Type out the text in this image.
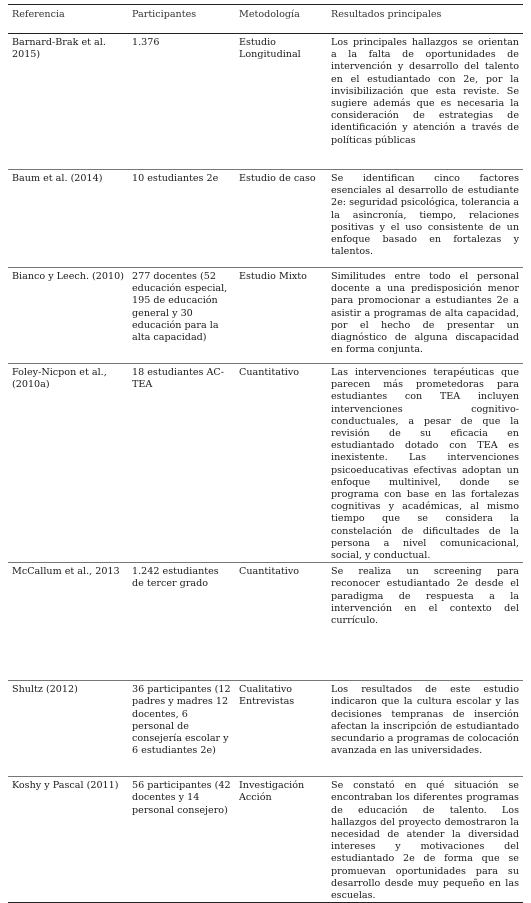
Referencia	Participantes	Metodología	Resultados principales
Barnard-Brak et al. 2015)	1.376	Estudio Longitudinal	Los principales hallazgos se orientan a la falta de oportunidades de intervención y desarrollo del talento en el estudiantado con 2e, por la invisibilización que esta reviste. Se sugiere además que es necesaria la consideración de estrategias de identificación y atención a través de políticas públicas
Baum et al. (2014)	10 estudiantes 2e	Estudio de caso	Se identifican cinco factores esenciales al desarrollo de estudiante 2e: seguridad psicológica, tolerancia a la asincronía, tiempo, relaciones positivas y el uso consistente de un enfoque basado en fortalezas y talentos.
Bianco y Leech. (2010)	277 docentes (52 educación especial, 195 de educación general y 30 educación para la alta capacidad)	Estudio Mixto	Similitudes entre todo el personal docente a una predisposición menor para promocionar a estudiantes 2e a asistir a programas de alta capacidad, por el hecho de presentar un diagnóstico de alguna discapacidad en forma conjunta.
Foley-Nicpon et al., (2010a)	18 estudiantes AC-TEA	Cuantitativo	Las intervenciones terapéuticas que parecen más prometedoras para estudiantes con TEA incluyen intervenciones cognitivo-conductuales, a pesar de que la revisión de su eficacia en estudiantado dotado con TEA es inexistente. Las intervenciones psicoeducativas efectivas adoptan un enfoque multinivel, donde se programa con base en las fortalezas cognitivas y académicas, al mismo tiempo que se considera la constelación de dificultades de la persona a nivel comunicacional, social, y conductual.
McCallum et al., 2013	1.242 estudiantes de tercer grado	Cuantitativo	Se realiza un screening para reconocer estudiantado 2e desde el paradigma de respuesta a la intervención en el contexto del currículo.
Shultz (2012)	36 participantes (12 padres y madres 12 docentes, 6 personal de consejería escolar y 6 estudiantes 2e)	Cualitativo Entrevistas	Los resultados de este estudio indicaron que la cultura escolar y las decisiones tempranas de inserción afectan la inscripción de estudiantado secundario a programas de colocación avanzada en las universidades.
Koshy y Pascal (2011)	56 participantes (42 docentes y 14 personal consejero)	Investigación Acción	Se constató en qué situación se encontraban los diferentes programas de educación de talento. Los hallazgos del proyecto demostraron la necesidad de atender la diversidad intereses y motivaciones del estudiantado 2e de forma que se promuevan oportunidades para su desarrollo desde muy pequeño en las escuelas.
